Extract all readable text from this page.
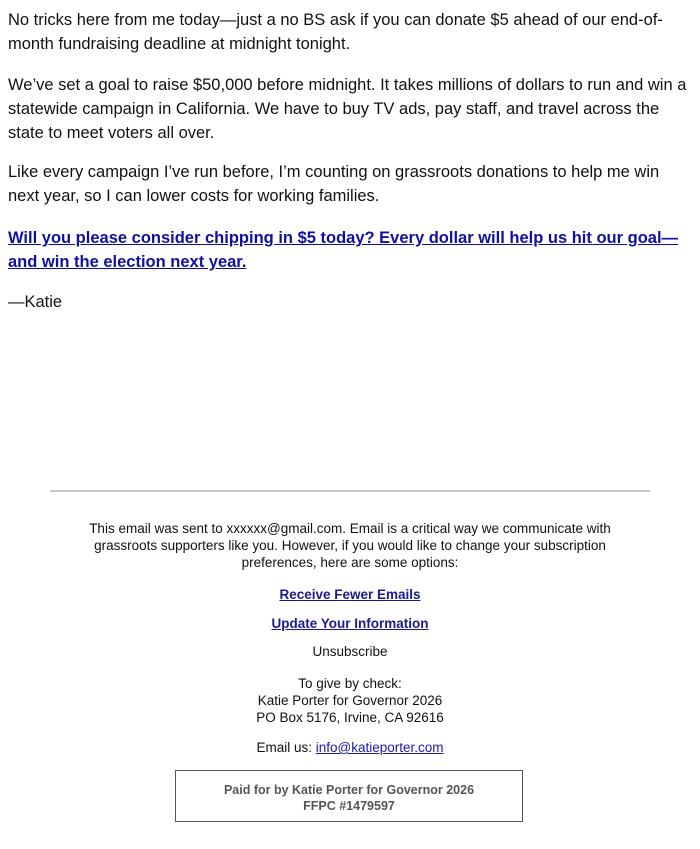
No tricks here from me today—just a no BS ask if you can donate $5 ahead of our end-of-month fundraising deadline at midnight tonight.

We’ve set a goal to raise $50,000 before midnight. It takes millions of dollars to run and win a statewide campaign in California. We have to buy TV ads, pay staff, and travel across the state to meet voters all over.

Like every campaign I’ve run before, I’m counting on grassroots donations to help me win next year, so I can lower costs for working families.

Will you please consider chipping in $5 today? Every dollar will help us hit our goal—and win the election next year.

—Katie

This email was sent to xxxxxx@gmail.com. Email is a critical way we communicate with grassroots supporters like you. However, if you would like to change your subscription preferences, here are some options:
Receive Fewer Emails
Update Your Information
Unsubscribe
To give by check:
Katie Porter for Governor 2026
PO Box 5176, Irvine, CA 92616
Email us: info@katieporter.com
Paid for by Katie Porter for Governor 2026
FFPC #1479597
